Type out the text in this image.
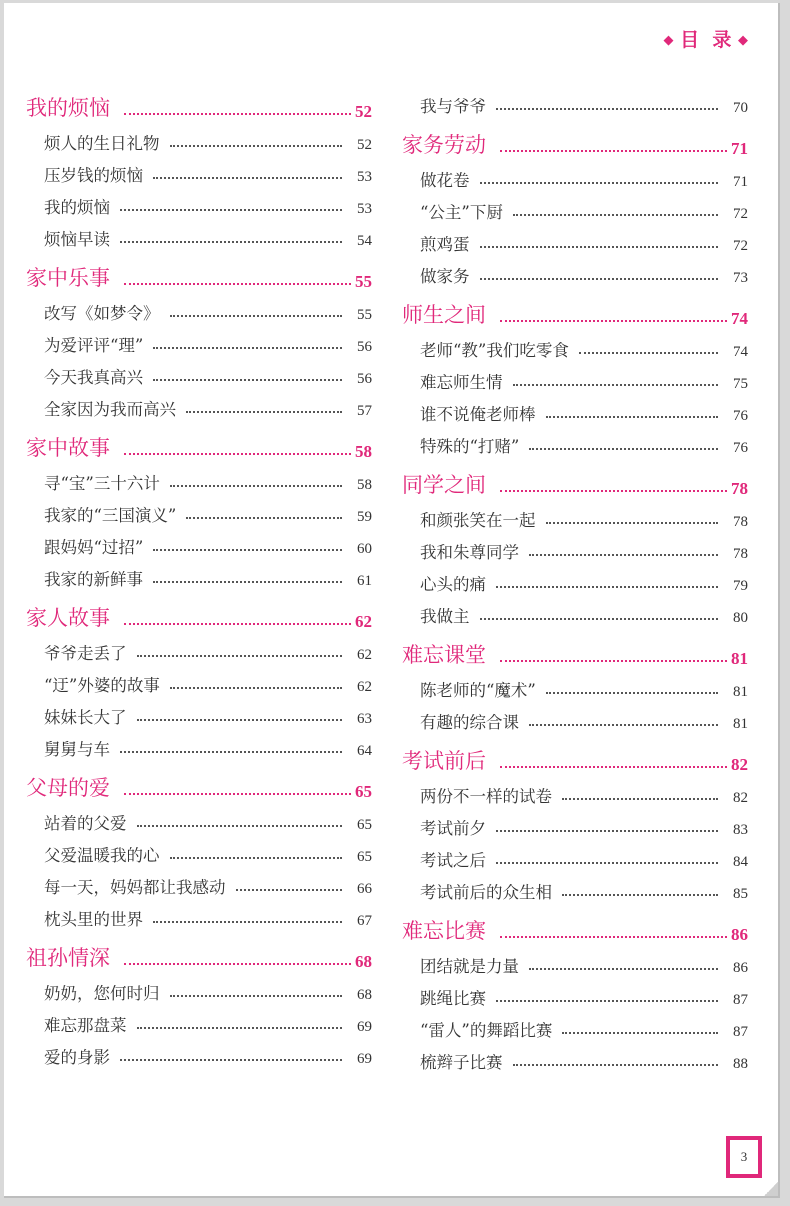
◆ 目  录 ◆
我的烦恼	52
烦人的生日礼物	52
压岁钱的烦恼	53
我的烦恼	53
烦恼早读	54
家中乐事	55
改写《如梦令》	55
为爱评评“理”	56
今天我真高兴	56
全家因为我而高兴	57
家中故事	58
寻“宝”三十六计	58
我家的“三国演义”	59
跟妈妈“过招”	60
我家的新鲜事	61
家人故事	62
爷爷走丢了	62
“迂”外婆的故事	62
妹妹长大了	63
舅舅与车	64
父母的爱	65
站着的父爱	65
父爱温暖我的心	65
每一天，妈妈都让我感动	66
枕头里的世界	67
祖孙情深	68
奶奶，您何时归	68
难忘那盘菜	69
爱的身影	69
我与爷爷	70
家务劳动	71
做花卷	71
“公主”下厨	72
煎鸡蛋	72
做家务	73
师生之间	74
老师“教”我们吃零食	74
难忘师生情	75
谁不说俺老师棒	76
特殊的“打赌”	76
同学之间	78
和颜张笑在一起	78
我和朱尊同学	78
心头的痛	79
我做主	80
难忘课堂	81
陈老师的“魔术”	81
有趣的综合课	81
考试前后	82
两份不一样的试卷	82
考试前夕	83
考试之后	84
考试前后的众生相	85
难忘比赛	86
团结就是力量	86
跳绳比赛	87
“雷人”的舞蹈比赛	87
梳辫子比赛	88
3
